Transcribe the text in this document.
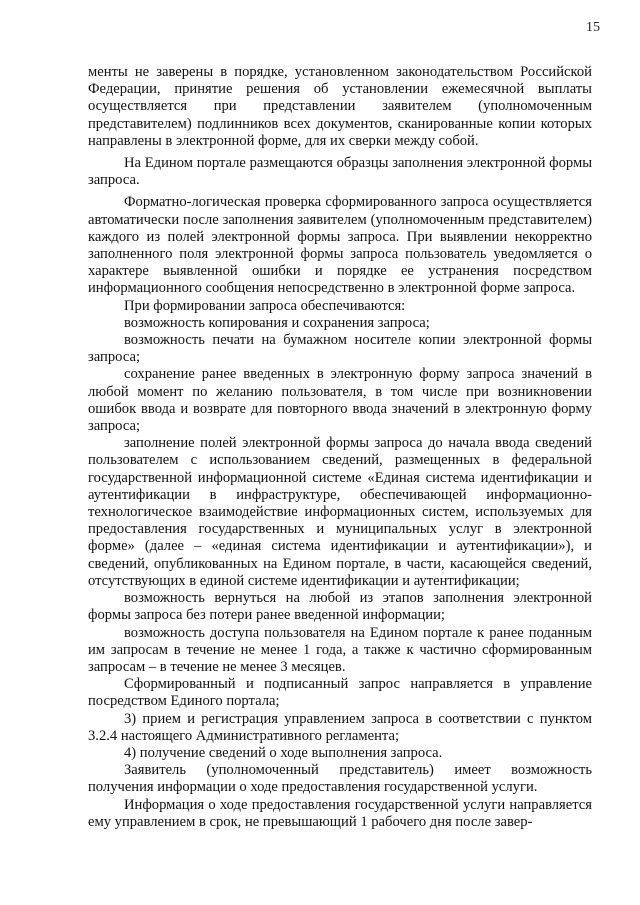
15

менты не заверены в порядке, установленном законодательством Российской Федерации, принятие решения об установлении ежемесячной выплаты осуществляется при представлении заявителем (уполномоченным представителем) подлинников всех документов, сканированные копии которых направлены в электронной форме, для их сверки между собой.

На Едином портале размещаются образцы заполнения электронной формы запроса.

Форматно-логическая проверка сформированного запроса осуществляется автоматически после заполнения заявителем (уполномоченным представителем) каждого из полей электронной формы запроса. При выявлении некорректно заполненного поля электронной формы запроса пользователь уведомляется о характере выявленной ошибки и порядке ее устранения посредством информационного сообщения непосредственно в электронной форме запроса.

При формировании запроса обеспечиваются:

возможность копирования и сохранения запроса;

возможность печати на бумажном носителе копии электронной формы запроса;

сохранение ранее введенных в электронную форму запроса значений в любой момент по желанию пользователя, в том числе при возникновении ошибок ввода и возврате для повторного ввода значений в электронную форму запроса;

заполнение полей электронной формы запроса до начала ввода сведений пользователем с использованием сведений, размещенных в федеральной государственной информационной системе «Единая система идентификации и аутентификации в инфраструктуре, обеспечивающей информационно-технологическое взаимодействие информационных систем, используемых для предоставления государственных и муниципальных услуг в электронной форме» (далее – «единая система идентификации и аутентификации»), и сведений, опубликованных на Едином портале, в части, касающейся сведений, отсутствующих в единой системе идентификации и аутентификации;

возможность вернуться на любой из этапов заполнения электронной формы запроса без потери ранее введенной информации;

возможность доступа пользователя на Едином портале к ранее поданным им запросам в течение не менее 1 года, а также к частично сформированным запросам – в течение не менее 3 месяцев.

Сформированный и подписанный запрос направляется в управление посредством Единого портала;

3) прием и регистрация управлением запроса в соответствии с пунктом 3.2.4 настоящего Административного регламента;

4) получение сведений о ходе выполнения запроса.

Заявитель (уполномоченный представитель) имеет возможность получения информации о ходе предоставления государственной услуги.

Информация о ходе предоставления государственной услуги направляется ему управлением в срок, не превышающий 1 рабочего дня после завер-
